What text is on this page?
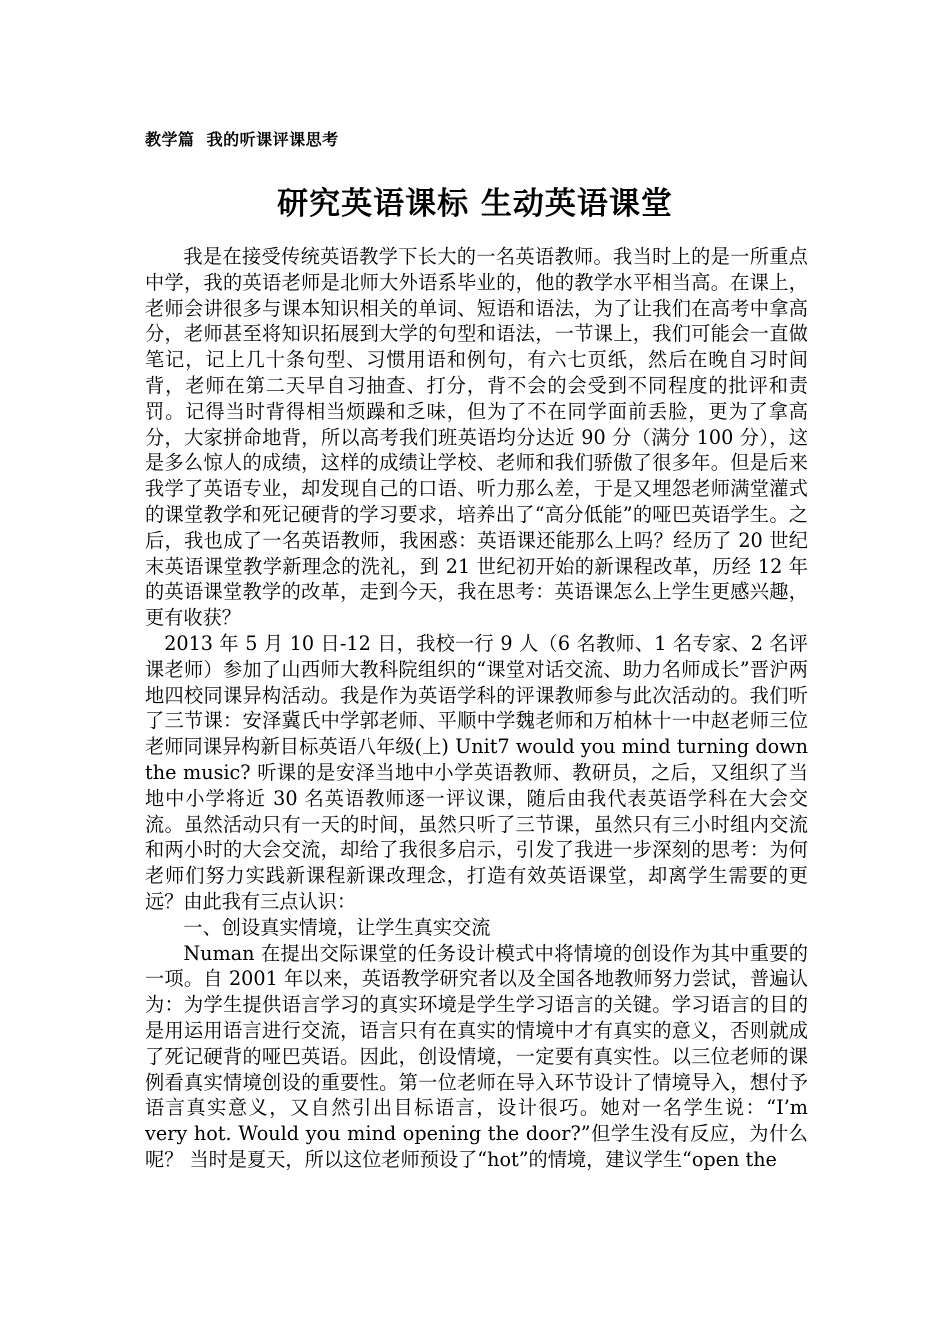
教学篇 我的听课评课思考
研究英语课标 生动英语课堂

我是在接受传统英语教学下长大的一名英语教师。我当时上的是一所重点中学，我的英语老师是北师大外语系毕业的，他的教学水平相当高。在课上，老师会讲很多与课本知识相关的单词、短语和语法，为了让我们在高考中拿高分，老师甚至将知识拓展到大学的句型和语法，一节课上，我们可能会一直做笔记，记上几十条句型、习惯用语和例句，有六七页纸，然后在晚自习时间背，老师在第二天早自习抽查、打分，背不会的会受到不同程度的批评和责罚。记得当时背得相当烦躁和乏味，但为了不在同学面前丢脸，更为了拿高分，大家拼命地背，所以高考我们班英语均分达近 90 分（满分 100 分），这是多么惊人的成绩，这样的成绩让学校、老师和我们骄傲了很多年。但是后来我学了英语专业，却发现自己的口语、听力那么差，于是又埋怨老师满堂灌式的课堂教学和死记硬背的学习要求，培养出了“高分低能”的哑巴英语学生。之后，我也成了一名英语教师，我困惑：英语课还能那么上吗？经历了 20 世纪末英语课堂教学新理念的洗礼，到 21 世纪初开始的新课程改革，历经 12 年的英语课堂教学的改革，走到今天，我在思考：英语课怎么上学生更感兴趣，更有收获？

2013 年 5 月 10 日-12 日，我校一行 9 人（6 名教师、1 名专家、2 名评课老师）参加了山西师大教科院组织的“课堂对话交流、助力名师成长”晋沪两地四校同课异构活动。我是作为英语学科的评课教师参与此次活动的。我们听了三节课：安泽冀氏中学郭老师、平顺中学魏老师和万柏林十一中赵老师三位老师同课异构新目标英语八年级(上) Unit7 would you mind turning down the music? 听课的是安泽当地中小学英语教师、教研员，之后，又组织了当地中小学将近 30 名英语教师逐一评议课，随后由我代表英语学科在大会交流。虽然活动只有一天的时间，虽然只听了三节课，虽然只有三小时组内交流和两小时的大会交流，却给了我很多启示，引发了我进一步深刻的思考：为何老师们努力实践新课程新课改理念，打造有效英语课堂，却离学生需要的更远？由此我有三点认识：

一、创设真实情境，让学生真实交流

Numan 在提出交际课堂的任务设计模式中将情境的创设作为其中重要的一项。自 2001 年以来，英语教学研究者以及全国各地教师努力尝试，普遍认为：为学生提供语言学习的真实环境是学生学习语言的关键。学习语言的目的是用运用语言进行交流，语言只有在真实的情境中才有真实的意义，否则就成了死记硬背的哑巴英语。因此，创设情境，一定要有真实性。以三位老师的课例看真实情境创设的重要性。第一位老师在导入环节设计了情境导入，想付予语言真实意义，又自然引出目标语言，设计很巧。她对一名学生说：“I’m very hot. Would you mind opening the door?”但学生没有反应，为什么呢？ 当时是夏天，所以这位老师预设了“hot”的情境，建议学生“open the
